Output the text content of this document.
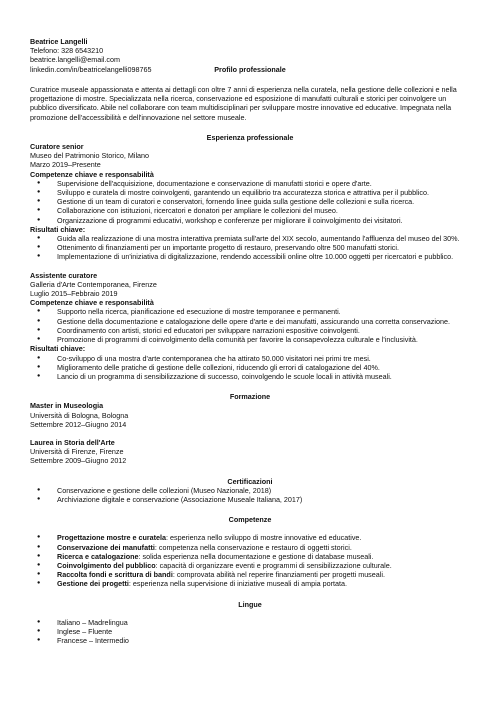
Beatrice Langelli
Telefono: 328 6543210
beatrice.langelli@email.com
linkedin.com/in/beatricelangelli098765	Profilo professionale

Curatrice museale appassionata e attenta ai dettagli con oltre 7 anni di esperienza nella curatela, nella gestione delle collezioni e nella progettazione di mostre. Specializzata nella ricerca, conservazione ed esposizione di manufatti culturali e storici per coinvolgere un pubblico diversificato. Abile nel collaborare con team multidisciplinari per sviluppare mostre innovative ed educative. Impegnata nella promozione dell'accessibilità e dell'innovazione nel settore museale.

Esperienza professionale
Curatore senior
Museo del Patrimonio Storico, Milano
Marzo 2019–Presente
Competenze chiave e responsabilità
● Supervisione dell'acquisizione, documentazione e conservazione di manufatti storici e opere d'arte.
● Sviluppo e curatela di mostre coinvolgenti, garantendo un equilibrio tra accuratezza storica e attrattiva per il pubblico.
● Gestione di un team di curatori e conservatori, fornendo linee guida sulla gestione delle collezioni e sulla ricerca.
● Collaborazione con istituzioni, ricercatori e donatori per ampliare le collezioni del museo.
● Organizzazione di programmi educativi, workshop e conferenze per migliorare il coinvolgimento dei visitatori.
Risultati chiave:
● Guida alla realizzazione di una mostra interattiva premiata sull'arte del XIX secolo, aumentando l'affluenza del museo del 30%.
● Ottenimento di finanziamenti per un importante progetto di restauro, preservando oltre 500 manufatti storici.
● Implementazione di un'iniziativa di digitalizzazione, rendendo accessibili online oltre 10.000 oggetti per ricercatori e pubblico.
Assistente curatore
Galleria d'Arte Contemporanea, Firenze
Luglio 2015–Febbraio 2019
Competenze chiave e responsabilità
● Supporto nella ricerca, pianificazione ed esecuzione di mostre temporanee e permanenti.
● Gestione della documentazione e catalogazione delle opere d'arte e dei manufatti, assicurando una corretta conservazione.
● Coordinamento con artisti, storici ed educatori per sviluppare narrazioni espositive coinvolgenti.
● Promozione di programmi di coinvolgimento della comunità per favorire la consapevolezza culturale e l'inclusività.
Risultati chiave:
● Co-sviluppo di una mostra d'arte contemporanea che ha attirato 50.000 visitatori nei primi tre mesi.
● Miglioramento delle pratiche di gestione delle collezioni, riducendo gli errori di catalogazione del 40%.
● Lancio di un programma di sensibilizzazione di successo, coinvolgendo le scuole locali in attività museali.
Formazione
Master in Museologia
Università di Bologna, Bologna
Settembre 2012–Giugno 2014
Laurea in Storia dell'Arte
Università di Firenze, Firenze
Settembre 2009–Giugno 2012
Certificazioni
● Conservazione e gestione delle collezioni (Museo Nazionale, 2018)
● Archiviazione digitale e conservazione (Associazione Museale Italiana, 2017)
Competenze
● Progettazione mostre e curatela: esperienza nello sviluppo di mostre innovative ed educative.
● Conservazione dei manufatti: competenza nella conservazione e restauro di oggetti storici.
● Ricerca e catalogazione: solida esperienza nella documentazione e gestione di database museali.
● Coinvolgimento del pubblico: capacità di organizzare eventi e programmi di sensibilizzazione culturale.
● Raccolta fondi e scrittura di bandi: comprovata abilità nel reperire finanziamenti per progetti museali.
● Gestione dei progetti: esperienza nella supervisione di iniziative museali di ampia portata.
Lingue
● Italiano – Madrelingua
● Inglese – Fluente
● Francese – Intermedio
